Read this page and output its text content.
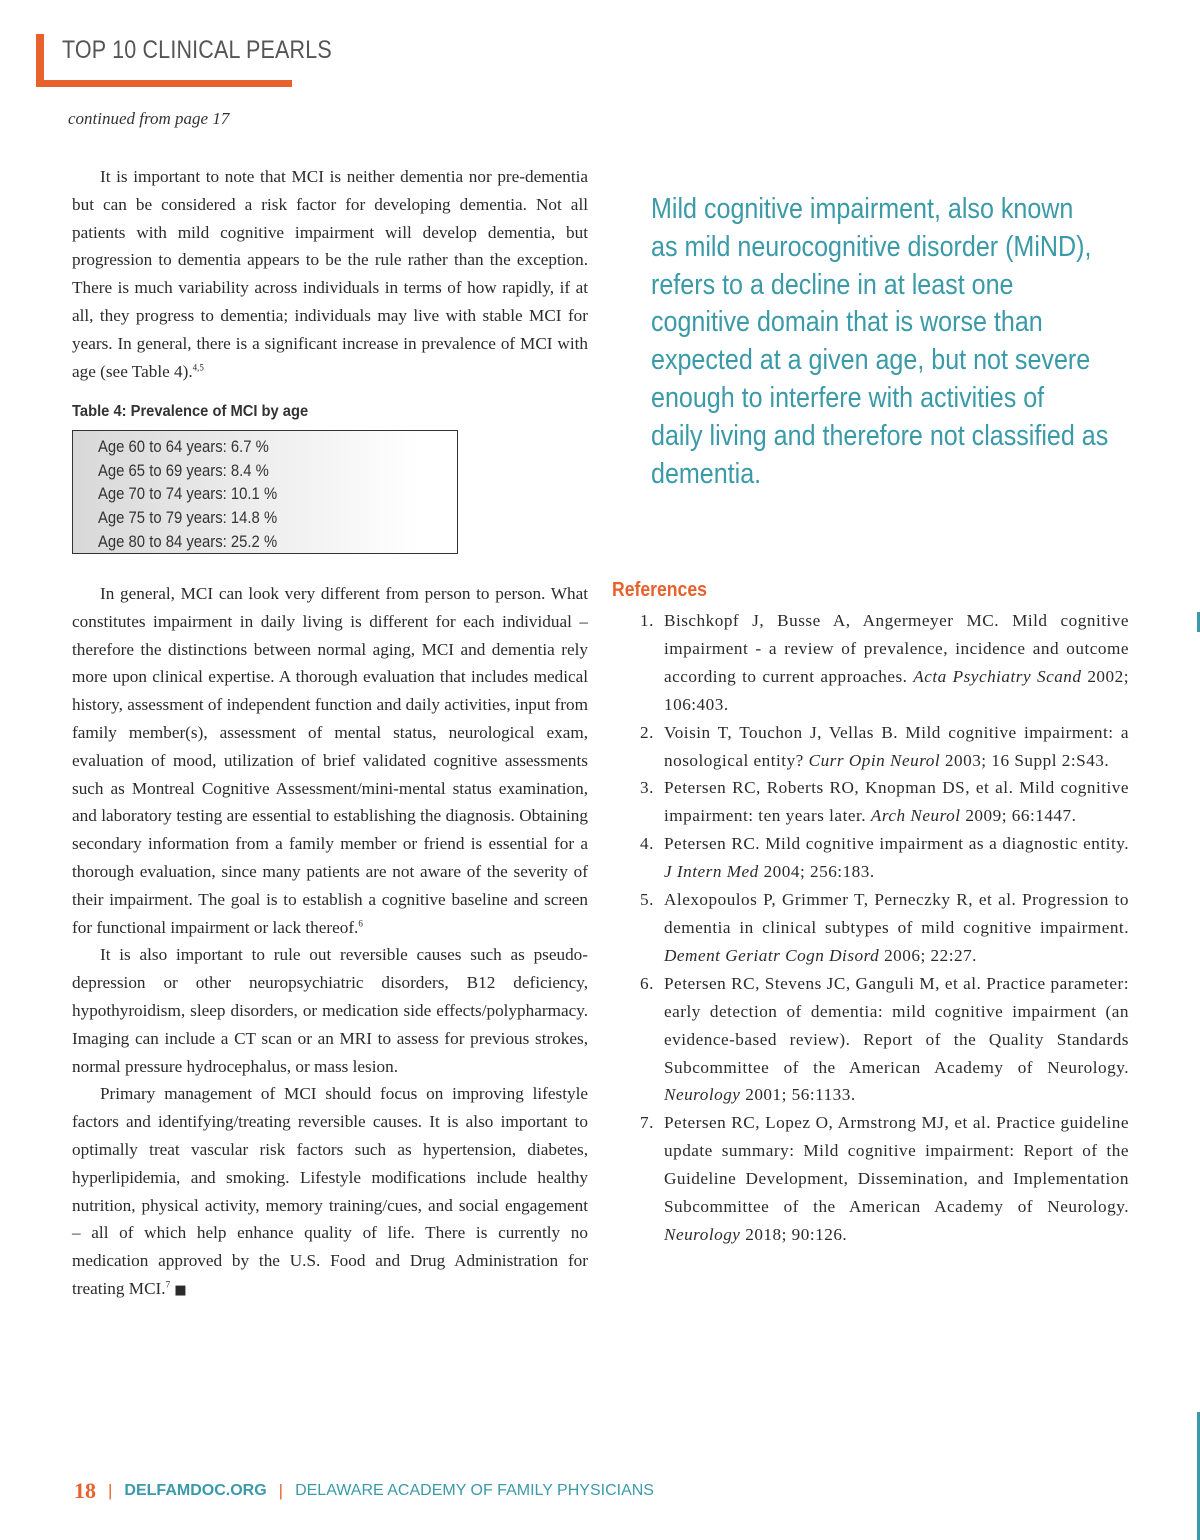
TOP 10 CLINICAL PEARLS
continued from page 17

It is important to note that MCI is neither dementia nor pre-dementia but can be considered a risk factor for developing dementia. Not all patients with mild cognitive impairment will develop dementia, but progression to dementia appears to be the rule rather than the exception. There is much variability across individuals in terms of how rapidly, if at all, they progress to dementia; individuals may live with stable MCI for years. In general, there is a significant increase in prevalence of MCI with age (see Table 4).$^{4,5}$

Table 4: Prevalence of MCI by age
Age 60 to 64 years: 6.7 %
Age 65 to 69 years: 8.4 %
Age 70 to 74 years: 10.1 %
Age 75 to 79 years: 14.8 %
Age 80 to 84 years: 25.2 %

In general, MCI can look very different from person to person. What constitutes impairment in daily living is different for each individual – therefore the distinctions between normal aging, MCI and dementia rely more upon clinical expertise. A thorough evaluation that includes medical history, assessment of independent function and daily activities, input from family member(s), assessment of mental status, neurological exam, evaluation of mood, utilization of brief validated cognitive assessments such as Montreal Cognitive Assessment/mini-mental status examination, and laboratory testing are essential to establishing the diagnosis. Obtaining secondary information from a family member or friend is essential for a thorough evaluation, since many patients are not aware of the severity of their impairment. The goal is to establish a cognitive baseline and screen for functional impairment or lack thereof.$^6$

It is also important to rule out reversible causes such as pseudo-depression or other neuropsychiatric disorders, B12 deficiency, hypothyroidism, sleep disorders, or medication side effects/polypharmacy. Imaging can include a CT scan or an MRI to assess for previous strokes, normal pressure hydrocephalus, or mass lesion.

Primary management of MCI should focus on improving lifestyle factors and identifying/treating reversible causes. It is also important to optimally treat vascular risk factors such as hypertension, diabetes, hyperlipidemia, and smoking. Lifestyle modifications include healthy nutrition, physical activity, memory training/cues, and social engagement – all of which help enhance quality of life. There is currently no medication approved by the U.S. Food and Drug Administration for treating MCI.$^7$ ■

Mild cognitive impairment, also known
as mild neurocognitive disorder (MiND),
refers to a decline in at least one
cognitive domain that is worse than
expected at a given age, but not severe
enough to interfere with activities of
daily living and therefore not classified as
dementia.
References
1. Bischkopf J, Busse A, Angermeyer MC. Mild cognitive impairment - a review of prevalence, incidence and outcome according to current approaches. Acta Psychiatry Scand 2002; 106:403.
2. Voisin T, Touchon J, Vellas B. Mild cognitive impairment: a nosological entity? Curr Opin Neurol 2003; 16 Suppl 2:S43.
3. Petersen RC, Roberts RO, Knopman DS, et al. Mild cognitive impairment: ten years later. Arch Neurol 2009; 66:1447.
4. Petersen RC. Mild cognitive impairment as a diagnostic entity. J Intern Med 2004; 256:183.
5. Alexopoulos P, Grimmer T, Perneczky R, et al. Progression to dementia in clinical subtypes of mild cognitive impairment. Dement Geriatr Cogn Disord 2006; 22:27.
6. Petersen RC, Stevens JC, Ganguli M, et al. Practice parameter: early detection of dementia: mild cognitive impairment (an evidence-based review). Report of the Quality Standards Subcommittee of the American Academy of Neurology. Neurology 2001; 56:1133.
7. Petersen RC, Lopez O, Armstrong MJ, et al. Practice guideline update summary: Mild cognitive impairment: Report of the Guideline Development, Dissemination, and Implementation Subcommittee of the American Academy of Neurology. Neurology 2018; 90:126.
18 | DELFAMDOC.ORG | DELAWARE ACADEMY OF FAMILY PHYSICIANS
